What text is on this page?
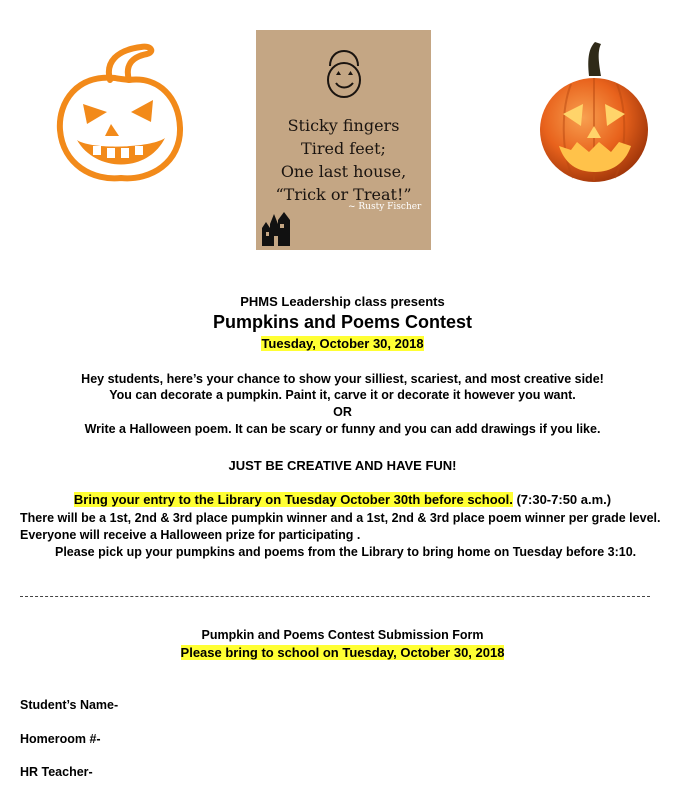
Sticky fingers
Tired feet;
One last house,
“Trick or Treat!”
~ Rusty Fischer
PHMS Leadership class presents
Pumpkins and Poems Contest
Tuesday, October 30, 2018
Hey students, here’s your chance to show your silliest, scariest, and most creative side!
You can decorate a pumpkin. Paint it, carve it or decorate it however you want.
OR
Write a Halloween poem. It can be scary or funny and you can add drawings if you like.
JUST BE CREATIVE AND HAVE FUN!
Bring your entry to the Library on Tuesday October 30th before school. (7:30-7:50 a.m.)
There will be a 1st, 2nd & 3rd place pumpkin winner and a 1st, 2nd & 3rd place poem winner per grade level.
Everyone will receive a Halloween prize for participating .
Please pick up your pumpkins and poems from the Library to bring home on Tuesday before 3:10.
Pumpkin and Poems Contest Submission Form
Please bring to school on Tuesday, October 30, 2018
Student’s Name-
Homeroom #-
HR Teacher-
